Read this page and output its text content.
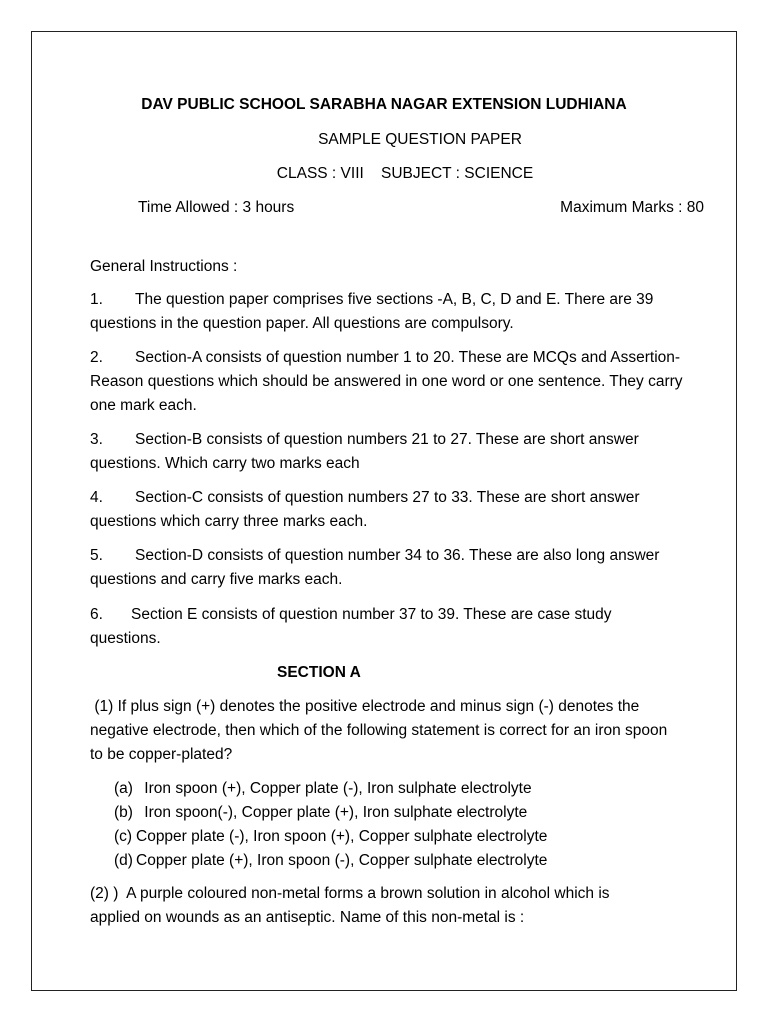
DAV PUBLIC SCHOOL SARABHA NAGAR EXTENSION LUDHIANA
SAMPLE QUESTION PAPER
CLASS : VIII    SUBJECT : SCIENCE
Time Allowed : 3 hours	Maximum Marks : 80
General Instructions :
1. The question paper comprises five sections -A, B, C, D and E. There are 39 questions in the question paper. All questions are compulsory.
2. Section-A consists of question number 1 to 20. These are MCQs and Assertion-Reason questions which should be answered in one word or one sentence. They carry one mark each.
3. Section-B consists of question numbers 21 to 27. These are short answer questions. Which carry two marks each
4. Section-C consists of question numbers 27 to 33. These are short answer questions which carry three marks each.
5. Section-D consists of question number 34 to 36. These are also long answer questions and carry five marks each.
6. Section E consists of question number 37 to 39. These are case study questions.
SECTION A
(1) If plus sign (+) denotes the positive electrode and minus sign (-) denotes the negative electrode, then which of the following statement is correct for an iron spoon to be copper-plated?
(a) Iron spoon (+), Copper plate (-), Iron sulphate electrolyte
(b) Iron spoon(-), Copper plate (+), Iron sulphate electrolyte
(c) Copper plate (-), Iron spoon (+), Copper sulphate electrolyte
(d) Copper plate (+), Iron spoon (-), Copper sulphate electrolyte
(2) )  A purple coloured non-metal forms a brown solution in alcohol which is applied on wounds as an antiseptic. Name of this non-metal is :
